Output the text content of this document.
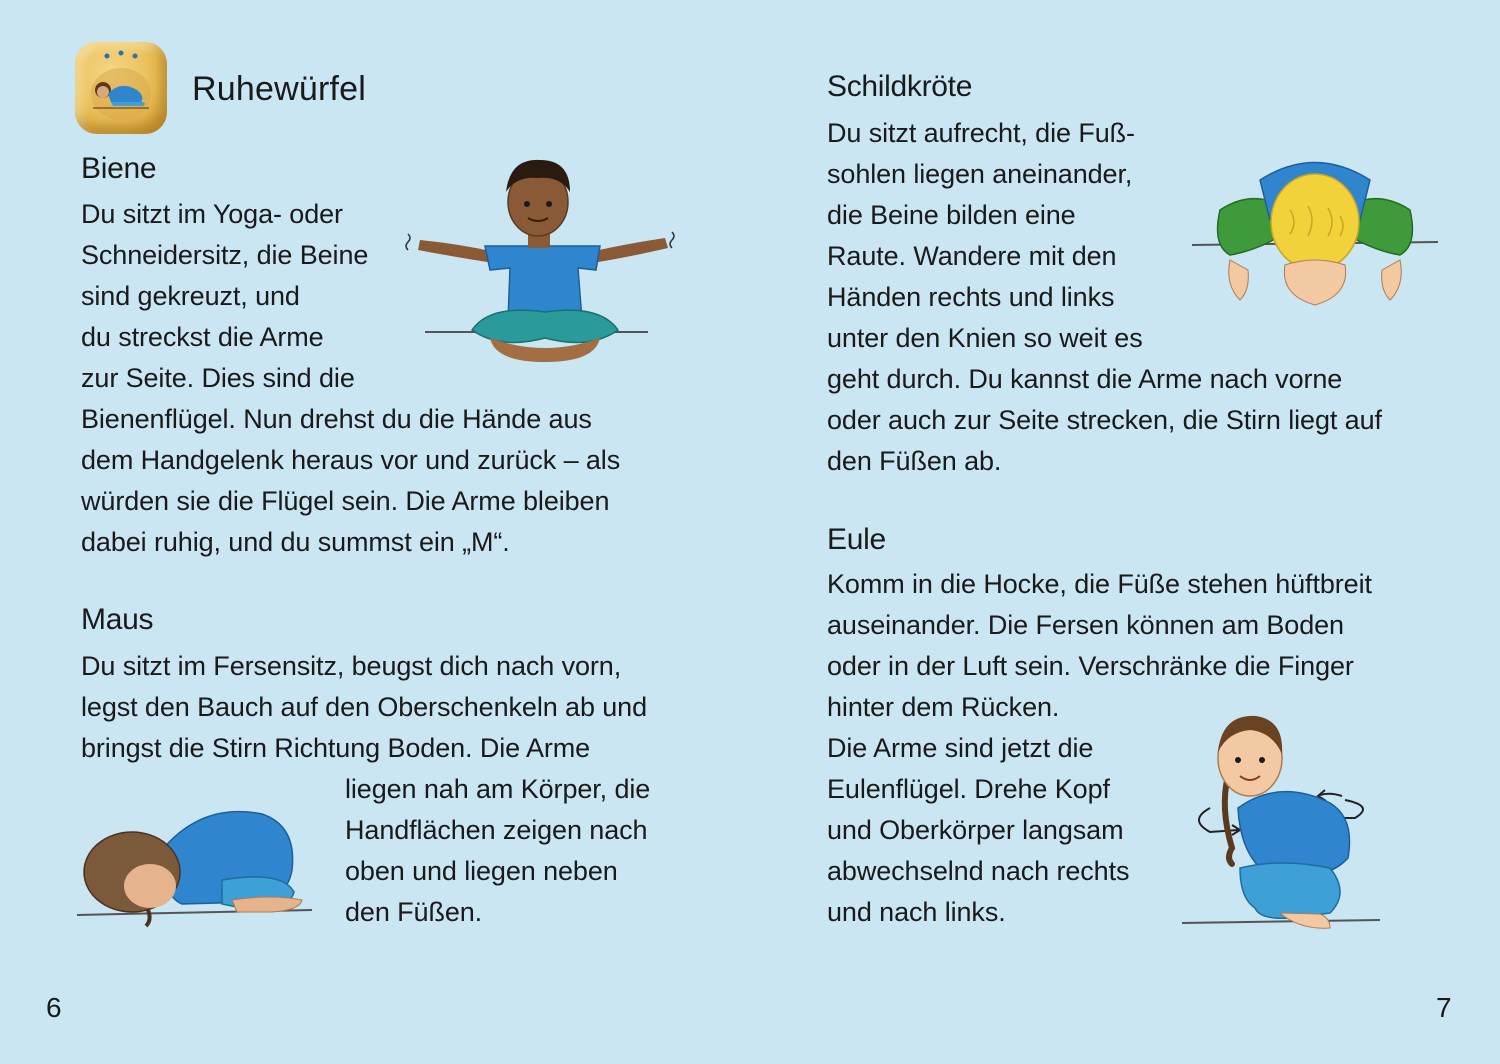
Ruhewürfel
Biene
Du sitzt im Yoga- oder
Schneidersitz, die Beine
sind gekreuzt, und
du streckst die Arme
zur Seite. Dies sind die
Bienenflügel. Nun drehst du die Hände aus
dem Handgelenk heraus vor und zurück – als
würden sie die Flügel sein. Die Arme bleiben
dabei ruhig, und du summst ein „M“.
Maus
Du sitzt im Fersensitz, beugst dich nach vorn,
legst den Bauch auf den Oberschenkeln ab und
bringst die Stirn Richtung Boden. Die Arme
liegen nah am Körper, die
Handflächen zeigen nach
oben und liegen neben
den Füßen.
6
Schildkröte
Du sitzt aufrecht, die Fuß-
sohlen liegen aneinander,
die Beine bilden eine
Raute. Wandere mit den
Händen rechts und links
unter den Knien so weit es
geht durch. Du kannst die Arme nach vorne
oder auch zur Seite strecken, die Stirn liegt auf
den Füßen ab.
Eule
Komm in die Hocke, die Füße stehen hüftbreit
auseinander. Die Fersen können am Boden
oder in der Luft sein. Verschränke die Finger
hinter dem Rücken.
Die Arme sind jetzt die
Eulenflügel. Drehe Kopf
und Oberkörper langsam
abwechselnd nach rechts
und nach links.
7
